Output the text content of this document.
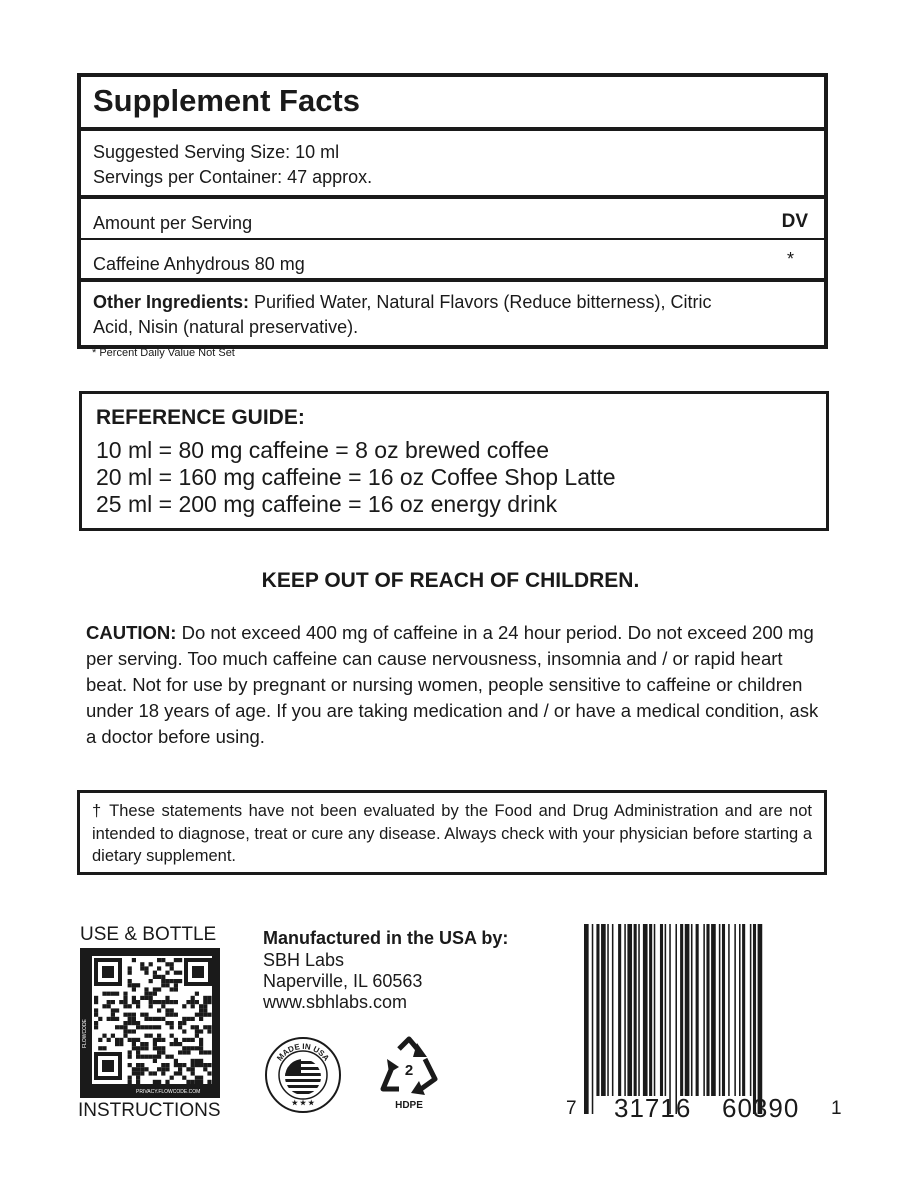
Supplement Facts
Suggested Serving Size: 10 ml
Servings per Container: 47 approx.
Amount per Serving	DV
Caffeine Anhydrous 80 mg	*
Other Ingredients: Purified Water, Natural Flavors (Reduce bitterness), Citric
Acid, Nisin (natural preservative).
* Percent Daily Value Not Set
REFERENCE GUIDE:
10 ml = 80 mg caffeine = 8 oz brewed coffee
20 ml = 160 mg caffeine = 16 oz Coffee Shop Latte
25 ml = 200 mg caffeine = 16 oz energy drink
KEEP OUT OF REACH OF CHILDREN.
CAUTION: Do not exceed 400 mg of caffeine in a 24 hour period. Do not exceed 200 mg per serving. Too much caffeine can cause nervousness, insomnia and / or rapid heart beat. Not for use by pregnant or nursing women, people sensitive to caffeine or children under 18 years of age. If you are taking medication and / or have a medical condition, ask a doctor before using.
† These statements have not been evaluated by the Food and Drug Administration and are not intended to diagnose, treat or cure any disease. Always check with your physician before starting a dietary supplement.
USE & BOTTLE
FLOWCODE
PRIVACY.FLOWCODE.COM
INSTRUCTIONS
Manufactured in the USA by:
SBH Labs
Naperville, IL 60563
www.sbhlabs.com
MADE IN USA
★ ★ ★
2
HDPE	7 31716 60390 1
